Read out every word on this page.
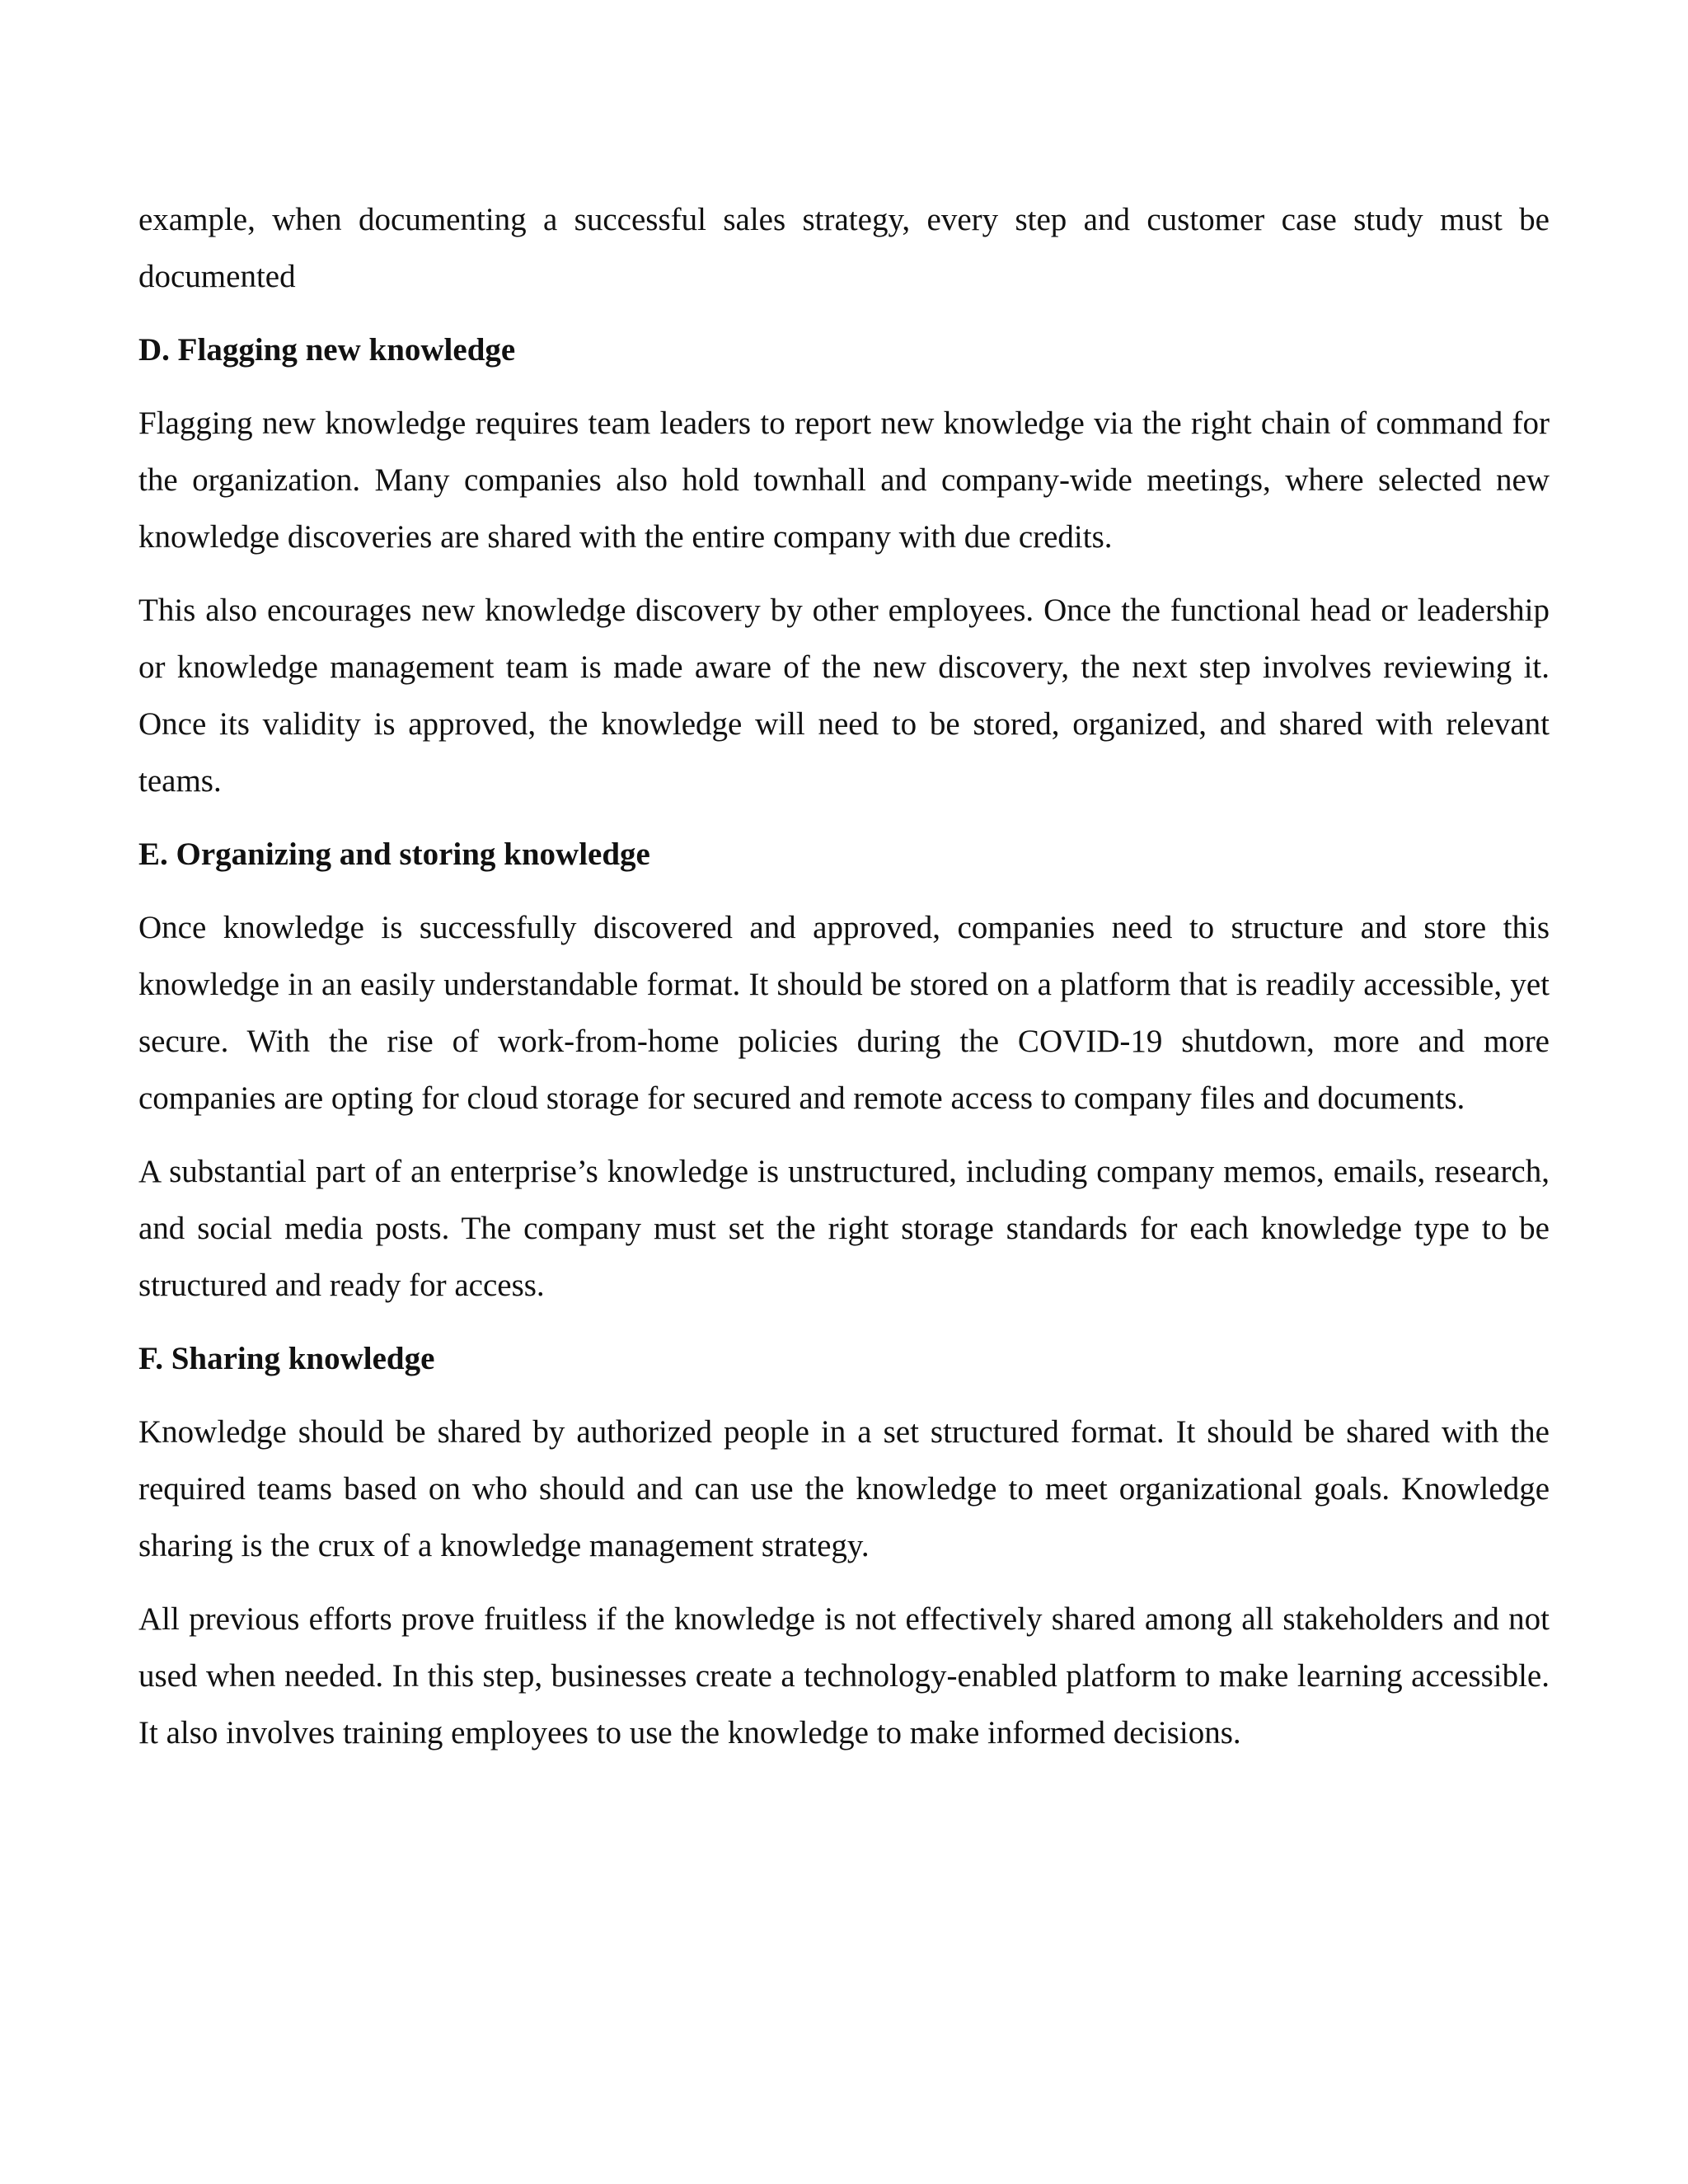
example, when documenting a successful sales strategy, every step and customer case study must be documented

D. Flagging new knowledge

Flagging new knowledge requires team leaders to report new knowledge via the right chain of command for the organization. Many companies also hold townhall and company-wide meetings, where selected new knowledge discoveries are shared with the entire company with due credits.

This also encourages new knowledge discovery by other employees. Once the functional head or leadership or knowledge management team is made aware of the new discovery, the next step involves reviewing it. Once its validity is approved, the knowledge will need to be stored, organized, and shared with relevant teams.

E. Organizing and storing knowledge

Once knowledge is successfully discovered and approved, companies need to structure and store this knowledge in an easily understandable format. It should be stored on a platform that is readily accessible, yet secure. With the rise of work-from-home policies during the COVID-19 shutdown, more and more companies are opting for cloud storage for secured and remote access to company files and documents.

A substantial part of an enterprise’s knowledge is unstructured, including company memos, emails, research, and social media posts. The company must set the right storage standards for each knowledge type to be structured and ready for access.

F. Sharing knowledge

Knowledge should be shared by authorized people in a set structured format. It should be shared with the required teams based on who should and can use the knowledge to meet organizational goals. Knowledge sharing is the crux of a knowledge management strategy.

All previous efforts prove fruitless if the knowledge is not effectively shared among all stakeholders and not used when needed. In this step, businesses create a technology-enabled platform to make learning accessible. It also involves training employees to use the knowledge to make informed decisions.
